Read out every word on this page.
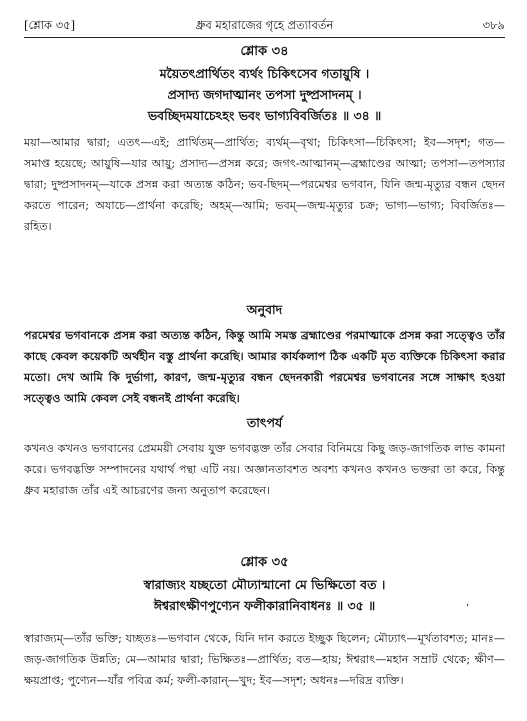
[শ্লোক ৩৫]	ধ্রুব মহারাজের গৃহে প্রত্যাবর্তন	৩৮৯
শ্লোক ৩৪
ময়ৈতৎপ্রার্থিতং ব্যর্থং চিকিৎসেব গতায়ুষি ।
প্রসাদ্য জগদাত্মানং তপসা দুষ্প্রসাদনম্‌ ।
ভবচ্ছিদমযাচেঽহং ভবং ভাগ্যবিবর্জিতঃ ॥ ৩৪ ॥

ময়া—আমার দ্বারা; এতৎ—এই; প্রার্থিতম্‌—প্রার্থিত; ব্যর্থম্‌—বৃথা; চিকিৎসা—চিকিৎসা; ইব—সদৃশ; গত—সমাপ্ত হয়েছে; আয়ুষি—যার আয়ু; প্রসাদ্য—প্রসন্ন করে; জগৎ-আত্মানম্‌—ব্রহ্মাণ্ডের আত্মা; তপসা—তপস্যার দ্বারা; দুষ্প্রসাদনম্‌—যাকে প্রসন্ন করা অত্যন্ত কঠিন; ভব-ছিদম্‌—পরমেশ্বর ভগবান, যিনি জন্ম-মৃত্যুর বন্ধন ছেদন করতে পারেন; অযাচে—প্রার্থনা করেছি; অহম্‌—আমি; ভবম্‌—জন্ম-মৃত্যুর চক্র; ভাগ্য—ভাগ্য; বিবর্জিতঃ—রহিত।

অনুবাদ

পরমেশ্বর ভগবানকে প্রসন্ন করা অত্যন্ত কঠিন, কিন্তু আমি সমস্ত ব্রহ্মাণ্ডের পরমাত্মাকে প্রসন্ন করা সত্ত্বেও তাঁর কাছে কেবল কয়েকটি অর্থহীন বস্তু প্রার্থনা করেছি। আমার কার্যকলাপ ঠিক একটি মৃত ব্যক্তিকে চিকিৎসা করার মতো। দেখ আমি কি দুর্ভাগা, কারণ, জন্ম-মৃত্যুর বন্ধন ছেদনকারী পরমেশ্বর ভগবানের সঙ্গে সাক্ষাৎ হওয়া সত্ত্বেও আমি কেবল সেই বন্ধনই প্রার্থনা করেছি।

তাৎপর্য

কখনও কখনও ভগবানের প্রেমময়ী সেবায় যুক্ত ভগবদ্ভক্ত তাঁর সেবার বিনিময়ে কিছু জড়-জাগতিক লাভ কামনা করে। ভগবদ্ভক্তি সম্পাদনের যথার্থ পন্থা এটি নয়। অজ্ঞানতাবশত অবশ্য কখনও কখনও ভক্তরা তা করে, কিন্তু ধ্রুব মহারাজ তাঁর এই আচরণের জন্য অনুতাপ করেছেন।

শ্লোক ৩৫
স্বারাজ্যং যচ্ছতো মৌঢ্যান্মানো মে ভিক্ষিতো বত ।
ঈশ্বরাৎক্ষীণপুণ্যেন ফলীকারানিবাধনঃ ॥ ৩৫ ॥	ʻ

স্বারাজ্যম্‌—তাঁর ভক্তি; যচ্ছতঃ—ভগবান থেকে, যিনি দান করতে ইচ্ছুক ছিলেন; মৌঢ্যাৎ—মূর্খতাবশত; মানঃ—জড়-জাগতিক উন্নতি; মে—আমার দ্বারা; ভিক্ষিতঃ—প্রার্থিত; বত—হায়; ঈশ্বরাৎ—মহান সম্রাট থেকে; ক্ষীণ—ক্ষয়প্রাপ্ত; পুণ্যেন—যাঁর পবিত্র কর্ম; ফলী-কারান্‌—খুদ; ইব—সদৃশ; অধনঃ—দরিদ্র ব্যক্তি।
